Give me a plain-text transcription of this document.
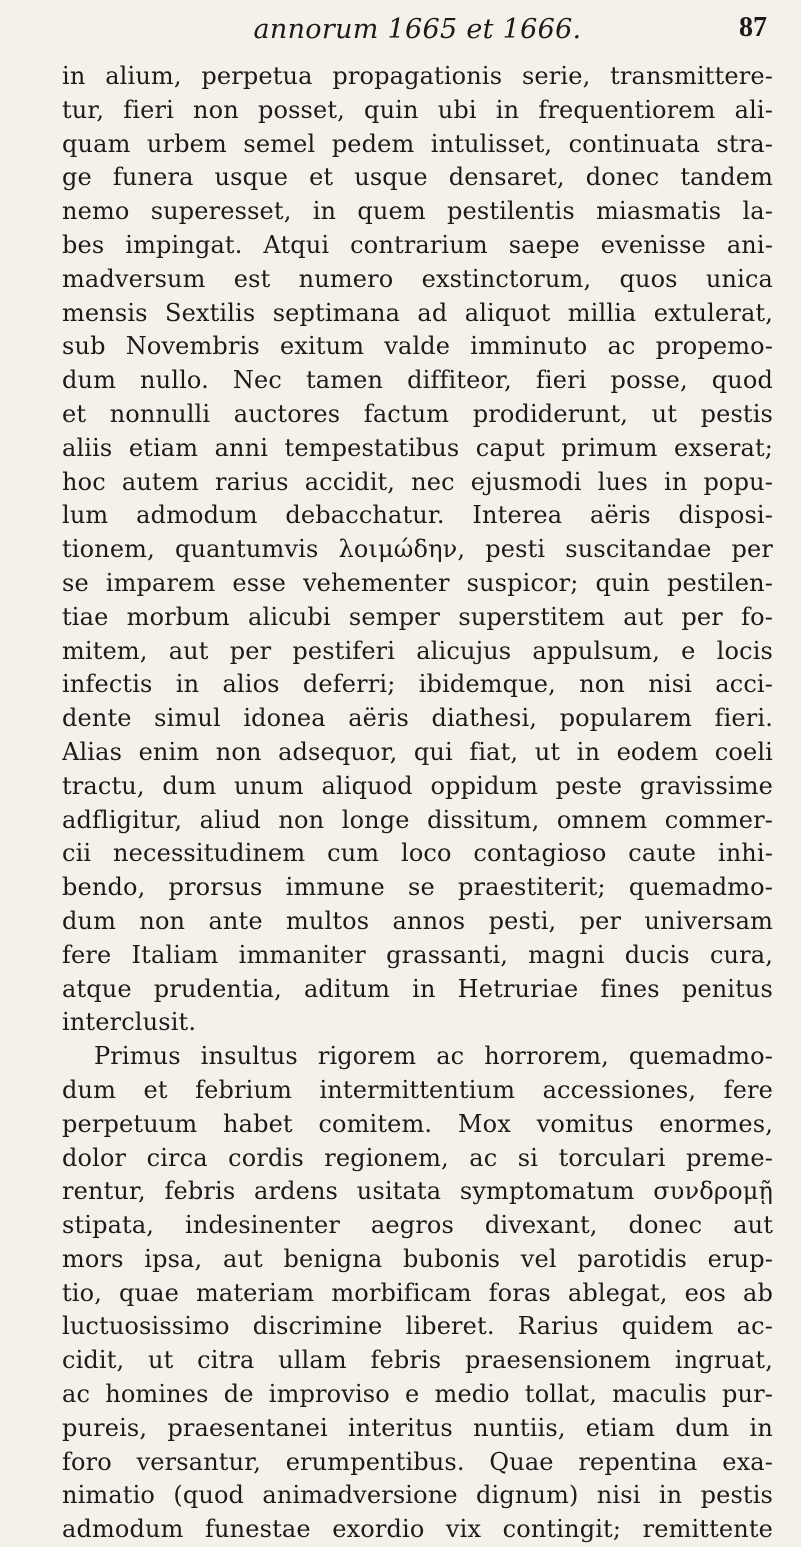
annorum 1665 et 1666.	87
in alium, perpetua propagationis serie, transmittere-
tur, fieri non posset, quin ubi in frequentiorem ali-
quam urbem semel pedem intulisset, continuata stra-
ge funera usque et usque densaret, donec tandem
nemo superesset, in quem pestilentis miasmatis la-
bes impingat. Atqui contrarium saepe evenisse ani-
madversum est numero exstinctorum, quos unica
mensis Sextilis septimana ad aliquot millia extulerat,
sub Novembris exitum valde imminuto ac propemo-
dum nullo. Nec tamen diffiteor, fieri posse, quod
et nonnulli auctores factum prodiderunt, ut pestis
aliis etiam anni tempestatibus caput primum exserat;
hoc autem rarius accidit, nec ejusmodi lues in popu-
lum admodum debacchatur. Interea aëris disposi-
tionem, quantumvis λοιμώδην, pesti suscitandae per
se imparem esse vehementer suspicor; quin pestilen-
tiae morbum alicubi semper superstitem aut per fo-
mitem, aut per pestiferi alicujus appulsum, e locis
infectis in alios deferri; ibidemque, non nisi acci-
dente simul idonea aëris diathesi, popularem fieri.
Alias enim non adsequor, qui fiat, ut in eodem coeli
tractu, dum unum aliquod oppidum peste gravissime
adfligitur, aliud non longe dissitum, omnem commer-
cii necessitudinem cum loco contagioso caute inhi-
bendo, prorsus immune se praestiterit; quemadmo-
dum non ante multos annos pesti, per universam
fere Italiam immaniter grassanti, magni ducis cura,
atque prudentia, aditum in Hetruriae fines penitus
interclusit.
Primus insultus rigorem ac horrorem, quemadmo-
dum et febrium intermittentium accessiones, fere
perpetuum habet comitem. Mox vomitus enormes,
dolor circa cordis regionem, ac si torculari preme-
rentur, febris ardens usitata symptomatum συνδρομῇ
stipata, indesinenter aegros divexant, donec aut
mors ipsa, aut benigna bubonis vel parotidis erup-
tio, quae materiam morbificam foras ablegat, eos ab
luctuosissimo discrimine liberet. Rarius quidem ac-
cidit, ut citra ullam febris praesensionem ingruat,
ac homines de improviso e medio tollat, maculis pur-
pureis, praesentanei interitus nuntiis, etiam dum in
foro versantur, erumpentibus. Quae repentina exa-
nimatio (quod animadversione dignum) nisi in pestis
admodum funestae exordio vix contingit; remittente
